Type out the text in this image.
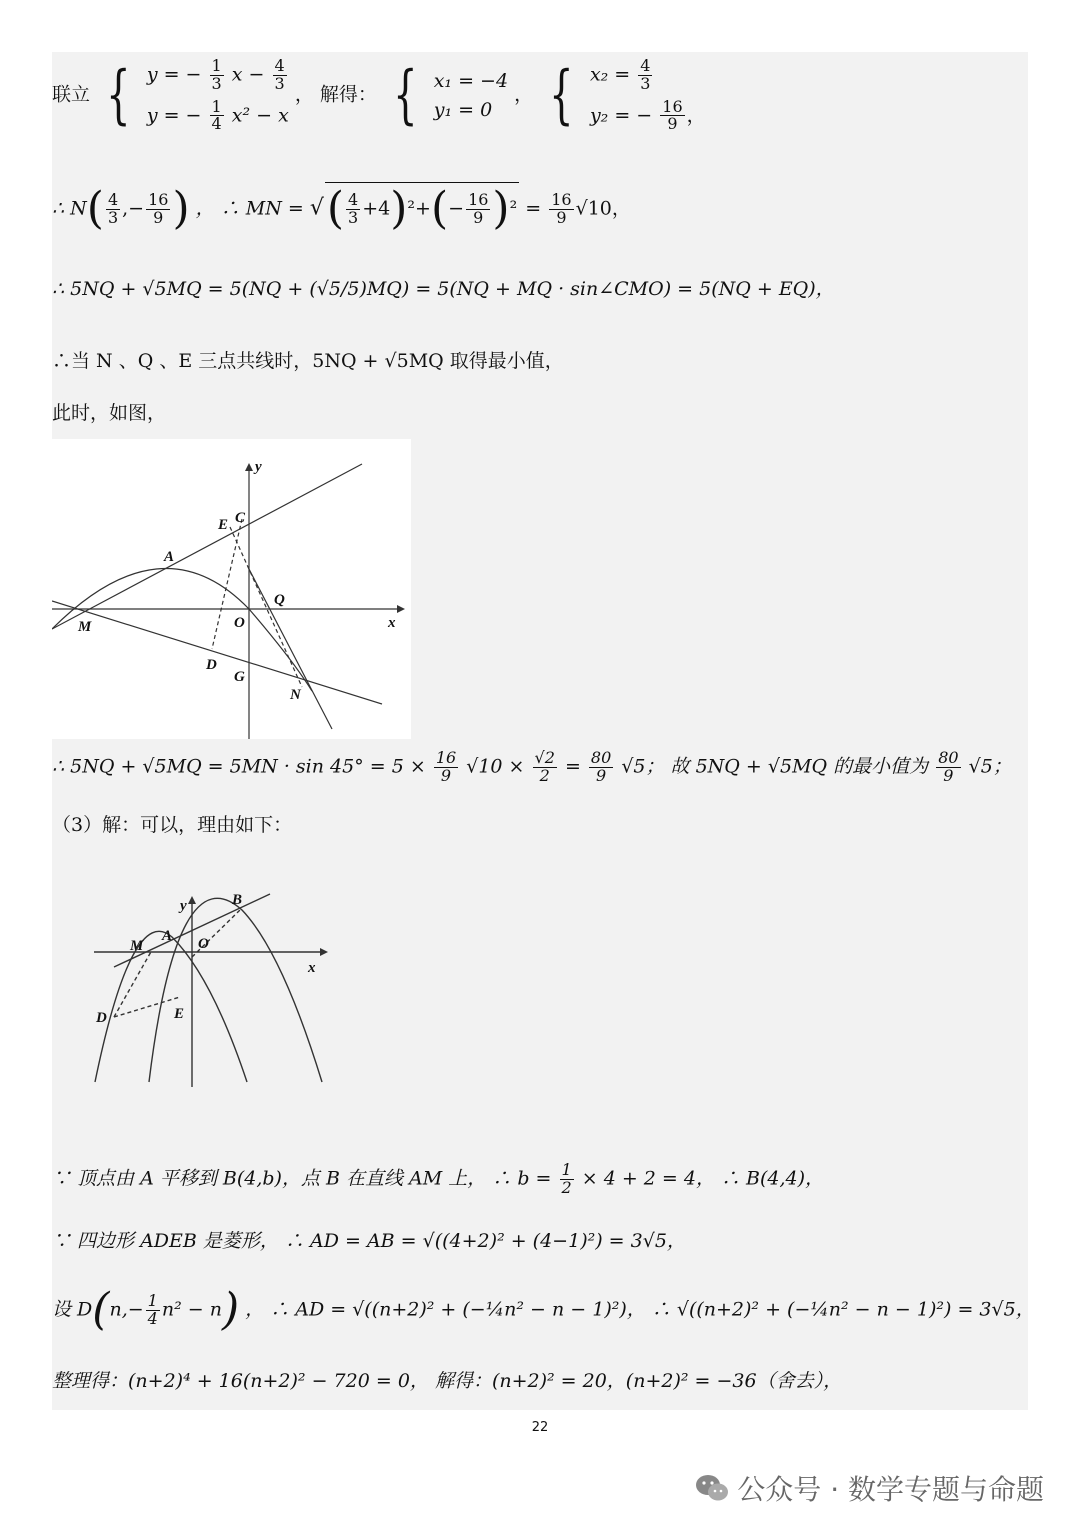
联立 { y = − $\frac{1}{3}$ $x - \frac{4}{3}$
y = − $\frac{1}{4} x^2 - x$
， 解得： { x₁ = −4
y₁ = 0
， { $x_2 = \frac{4}{3}$
y₂ = − $\frac{16}{9}$ ，
∴ $N( \frac{4}{3}$ ,− $\frac{16}{9}$ ) ， ∴ MN = √( $\frac{4}{3} +4)^2+(- \frac{16}{9} )^2 = \frac{16}{9} √10$，
∴ 5NQ + √5MQ = 5(NQ + (√5/5)MQ) = 5(NQ + MQ · sin∠CMO) = 5(NQ + EQ)，
∴当 N 、Q 、E 三点共线时，5NQ + √5MQ 取得最小值，
此时，如图，
y
x
E C
A
M	O
Q
D
G
N
∴ $5NQ + √5MQ = 5MN \cdot \sin 45^\circ = 5 \times \frac{16}{9} √10 \times \frac{√2}{2} = \frac{80}{9} √5$； 故 5NQ + √5MQ 的最小值为 $\frac{80}{9} √5$；
（3）解：可以，理由如下：
y
x
B
M
A O
D	E
∵ 顶点由 A 平移到 B(4,b)，点 B 在直线 AM 上， ∴ $b = \frac{1}{2} \times 4 + 2 = 4$， ∴ B(4,4)，
∵ 四边形 ADEB 是菱形， ∴ AD = AB = √((4+2)² + (4−1)²) = 3√5，
设 $D(n,- \frac{1}{4} n^2 - n)$ ， ∴ AD = √((n+2)² + (−¼n² − n − 1)²)， ∴ √((n+2)² + (−¼n² − n − 1)²) = 3√5，
整理得：(n+2)⁴ + 16(n+2)² − 720 = 0， 解得：(n+2)² = 20，(n+2)² = −36（舍去），
22
公众号 · 数学专题与命题
